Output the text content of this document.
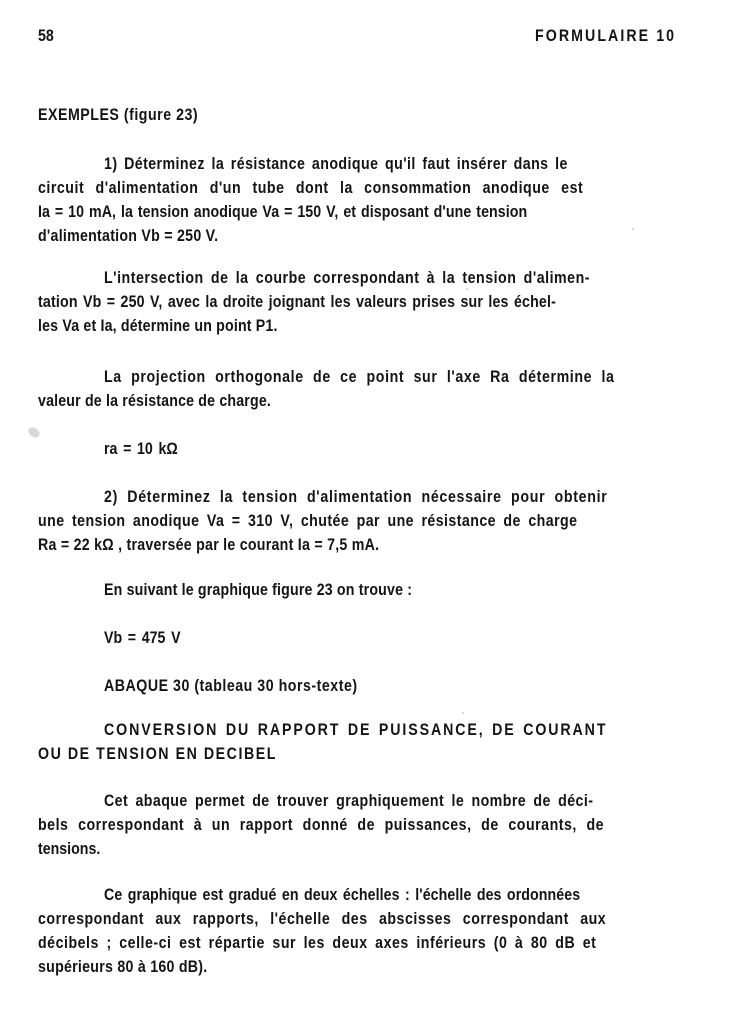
58	FORMULAIRE 10
EXEMPLES (figure 23)
1) Déterminez la résistance anodique qu'il faut insérer dans le
circuit d'alimentation d'un tube dont la consommation anodique est
Ia = 10 mA, la tension anodique Va = 150 V, et disposant d'une tension
d'alimentation Vb = 250 V.
L'intersection de la courbe correspondant à la tension d'alimen-
tation Vb = 250 V, avec la droite joignant les valeurs prises sur les échel-
les Va et Ia, détermine un point P1.
La projection orthogonale de ce point sur l'axe Ra détermine la
valeur de la résistance de charge.
ra = 10 kΩ
2) Déterminez la tension d'alimentation nécessaire pour obtenir
une tension anodique Va = 310 V, chutée par une résistance de charge
Ra = 22 kΩ , traversée par le courant Ia = 7,5 mA.
En suivant le graphique figure 23 on trouve :
Vb = 475 V
ABAQUE 30 (tableau 30 hors-texte)
CONVERSION DU RAPPORT DE PUISSANCE, DE COURANT
OU DE TENSION EN DECIBEL
Cet abaque permet de trouver graphiquement le nombre de déci-
bels correspondant à un rapport donné de puissances, de courants, de
tensions.
Ce graphique est gradué en deux échelles : l'échelle des ordonnées
correspondant aux rapports, l'échelle des abscisses correspondant aux
décibels ; celle-ci est répartie sur les deux axes inférieurs (0 à 80 dB et
supérieurs 80 à 160 dB).
